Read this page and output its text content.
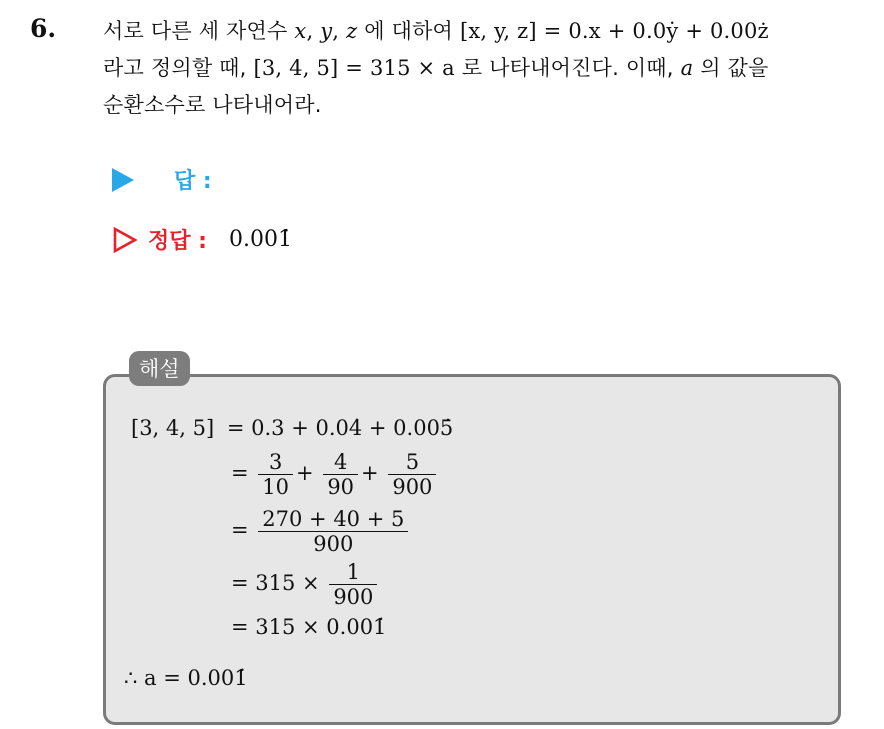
6. 서로 다른 세 자연수 x, y, z 에 대하여 [x, y, z] = 0.x + 0.0ẏ + 0.00ż
라고 정의할 때, [3, 4, 5] = 315 × a 로 나타내어진다. 이때, a 의 값을
순환소수로 나타내어라.
답 :
정답 : 0.001̇
해설
[3, 4, 5] = 0.3 + 0.04̇ + 0.005̇
= $\frac{3}{10} + \frac{4}{90} + \frac{5}{900}$
= $\frac{270 + 40 + 5}{900}$
= $315 \times \frac{1}{900}$
= 315 × 0.001̇
∴ a = 0.001̇
